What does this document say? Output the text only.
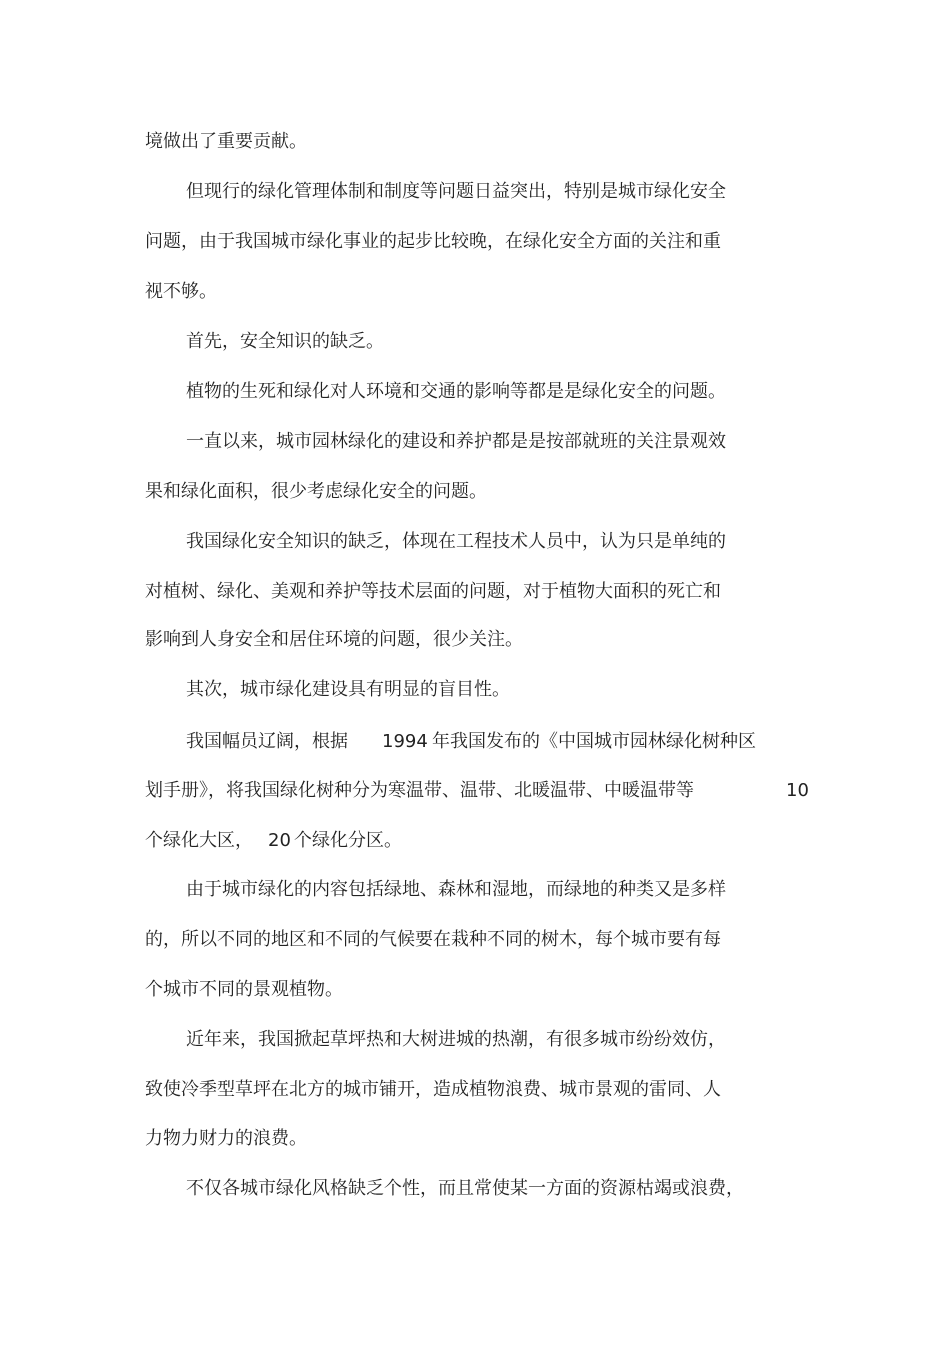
境做出了重要贡献。
但现行的绿化管理体制和制度等问题日益突出，特别是城市绿化安全
问题，由于我国城市绿化事业的起步比较晚，在绿化安全方面的关注和重
视不够。
首先，安全知识的缺乏。
植物的生死和绿化对人环境和交通的影响等都是是绿化安全的问题。
一直以来，城市园林绿化的建设和养护都是是按部就班的关注景观效
果和绿化面积，很少考虑绿化安全的问题。
我国绿化安全知识的缺乏，体现在工程技术人员中，认为只是单纯的
对植树、绿化、美观和养护等技术层面的问题，对于植物大面积的死亡和
影响到人身安全和居住环境的问题，很少关注。
其次，城市绿化建设具有明显的盲目性。
我国幅员辽阔，根据 1994 年我国发布的《中国城市园林绿化树种区
划手册》，将我国绿化树种分为寒温带、温带、北暖温带、中暖温带等	10
个绿化大区， 20 个绿化分区。
由于城市绿化的内容包括绿地、森林和湿地，而绿地的种类又是多样
的，所以不同的地区和不同的气候要在栽种不同的树木，每个城市要有每
个城市不同的景观植物。
近年来，我国掀起草坪热和大树进城的热潮，有很多城市纷纷效仿，
致使冷季型草坪在北方的城市铺开，造成植物浪费、城市景观的雷同、人
力物力财力的浪费。
不仅各城市绿化风格缺乏个性，而且常使某一方面的资源枯竭或浪费，
